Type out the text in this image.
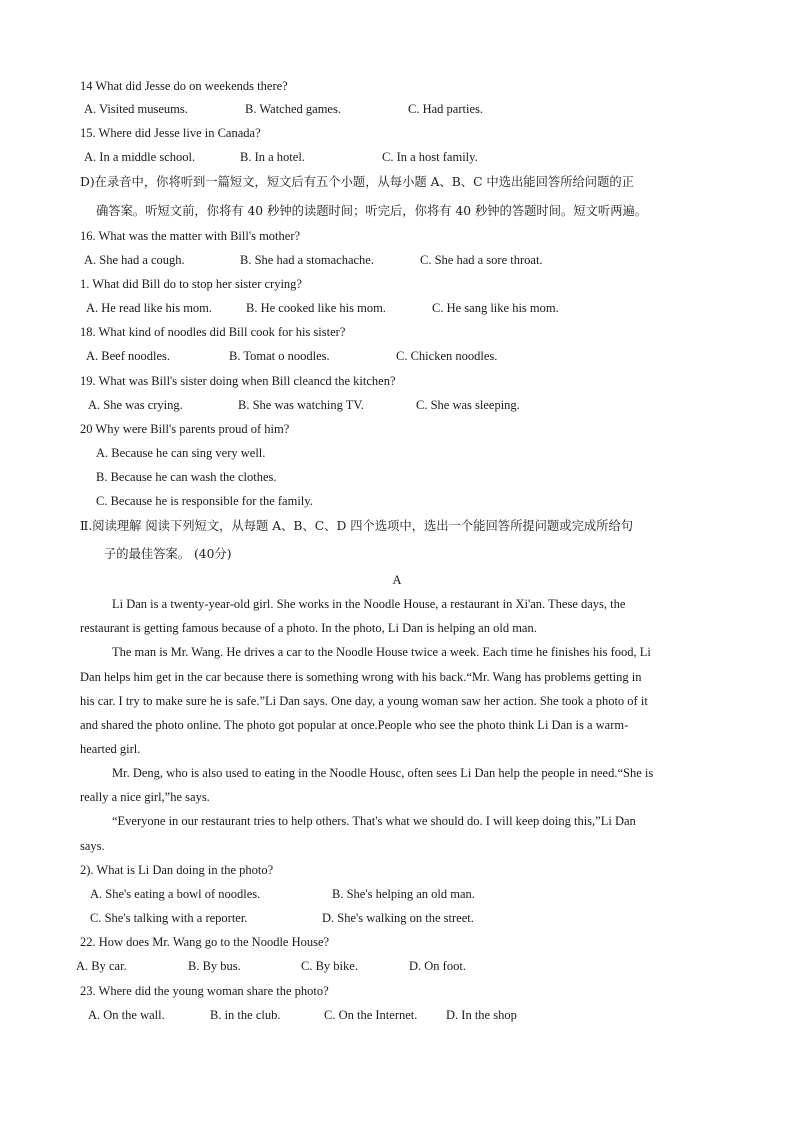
14 What did Jesse do on weekends there?
A. Visited museums.	B. Watched games.	C. Had parties.
15. Where did Jesse live in Canada?
A. In a middle school.	B. In a hotel.	C. In a host family.
D)在录音中，你将听到一篇短文，短文后有五个小题，从每小题 A、B、C 中选出能回答所给问题的正
确答案。听短文前，你将有 40 秒钟的读题时间；听完后，你将有 40 秒钟的答题时间。短文听两遍。
16. What was the matter with Bill's mother?
A. She had a cough.	B. She had a stomachache.	C. She had a sore throat.
1. What did Bill do to stop her sister crying?
A. He read like his mom.	B. He cooked like his mom.	C. He sang like his mom.
18. What kind of noodles did Bill cook for his sister?
A. Beef noodles.	B. Tomat o noodles.	C. Chicken noodles.
19. What was Bill's sister doing when Bill cleancd the kitchen?
A. She was crying.	B. She was watching TV.	C. She was sleeping.
20 Why were Bill's parents proud of him?
A. Because he can sing very well.
B. Because he can wash the clothes.
C. Because he is responsible for the family.
Ⅱ.阅读理解 阅读下列短文，从每题 A、B、C、D 四个选项中，选出一个能回答所提问题或完成所给句
子的最佳答案。 (40分)
A
Li Dan is a twenty-year-old girl. She works in the Noodle House, a restaurant in Xi'an. These days, the
restaurant is getting famous because of a photo. In the photo, Li Dan is helping an old man.
The man is Mr. Wang. He drives a car to the Noodle House twice a week. Each time he finishes his food, Li
Dan helps him get in the car because there is something wrong with his back.“Mr. Wang has problems getting in
his car. I try to make sure he is safe.”Li Dan says. One day, a young woman saw her action. She took a photo of it
and shared the photo online. The photo got popular at once.People who see the photo think Li Dan is a warm-
hearted girl.
Mr. Deng, who is also used to eating in the Noodle Housc, often sees Li Dan help the people in need.“She is
really a nice girl,”he says.
“Everyone in our restaurant tries to help others. That's what we should do. I will keep doing this,”Li Dan
says.
2). What is Li Dan doing in the photo?
A. She's eating a bowl of noodles.	B. She's helping an old man.
C. She's talking with a reporter.	D. She's walking on the street.
22. How does Mr. Wang go to the Noodle House?
A. By car.	B. By bus.	C. By bike.	D. On foot.
23. Where did the young woman share the photo?
A. On the wall.	B. in the club.	C. On the Internet. D. In the shop
